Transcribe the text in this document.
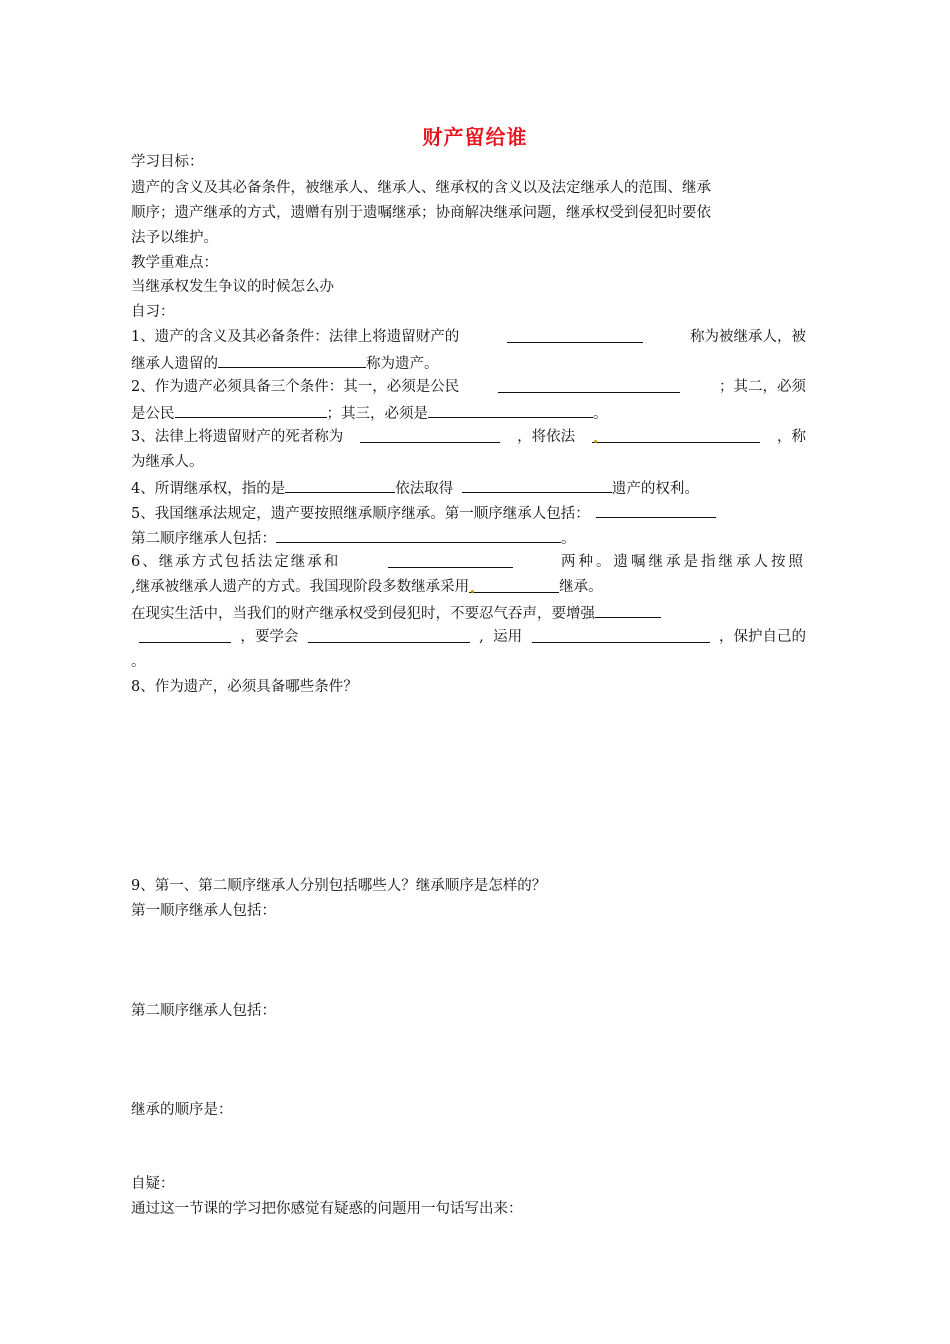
财产留给谁
学习目标：
遗产的含义及其必备条件，被继承人、继承人、继承权的含义以及法定继承人的范围、继承
顺序；遗产继承的方式，遗赠有别于遗嘱继承；协商解决继承问题，继承权受到侵犯时要依
法予以维护。
教学重难点：
当继承权发生争议的时候怎么办
自习：
1、遗产的含义及其必备条件：法律上将遗留财产的	称为被继承人，被
继承人遗留的	称为遗产。
2、作为遗产必须具备三个条件：其一，必须是公民	；其二，必须
是公民	；其三，必须是	。
3、法律上将遗留财产的死者称为	，将依法	，称
为继承人。
4、所谓继承权，指的是	依法取得	遗产的权利。
5、我国继承法规定，遗产要按照继承顺序继承。第一顺序继承人包括：
第二顺序继承人包括：	。
6、继承方式包括法定继承和	两种。遗嘱继承是指继承人按照
,继承被继承人遗产的方式。我国现阶段多数继承采用	继承。
在现实生活中，当我们的财产继承权受到侵犯时，不要忍气吞声，要增强
，要学会	, 运用	，保护自己的
。
8、作为遗产，必须具备哪些条件？
9、第一、第二顺序继承人分别包括哪些人？继承顺序是怎样的？
第一顺序继承人包括：
第二顺序继承人包括：
继承的顺序是：
自疑：
通过这一节课的学习把你感觉有疑惑的问题用一句话写出来：
